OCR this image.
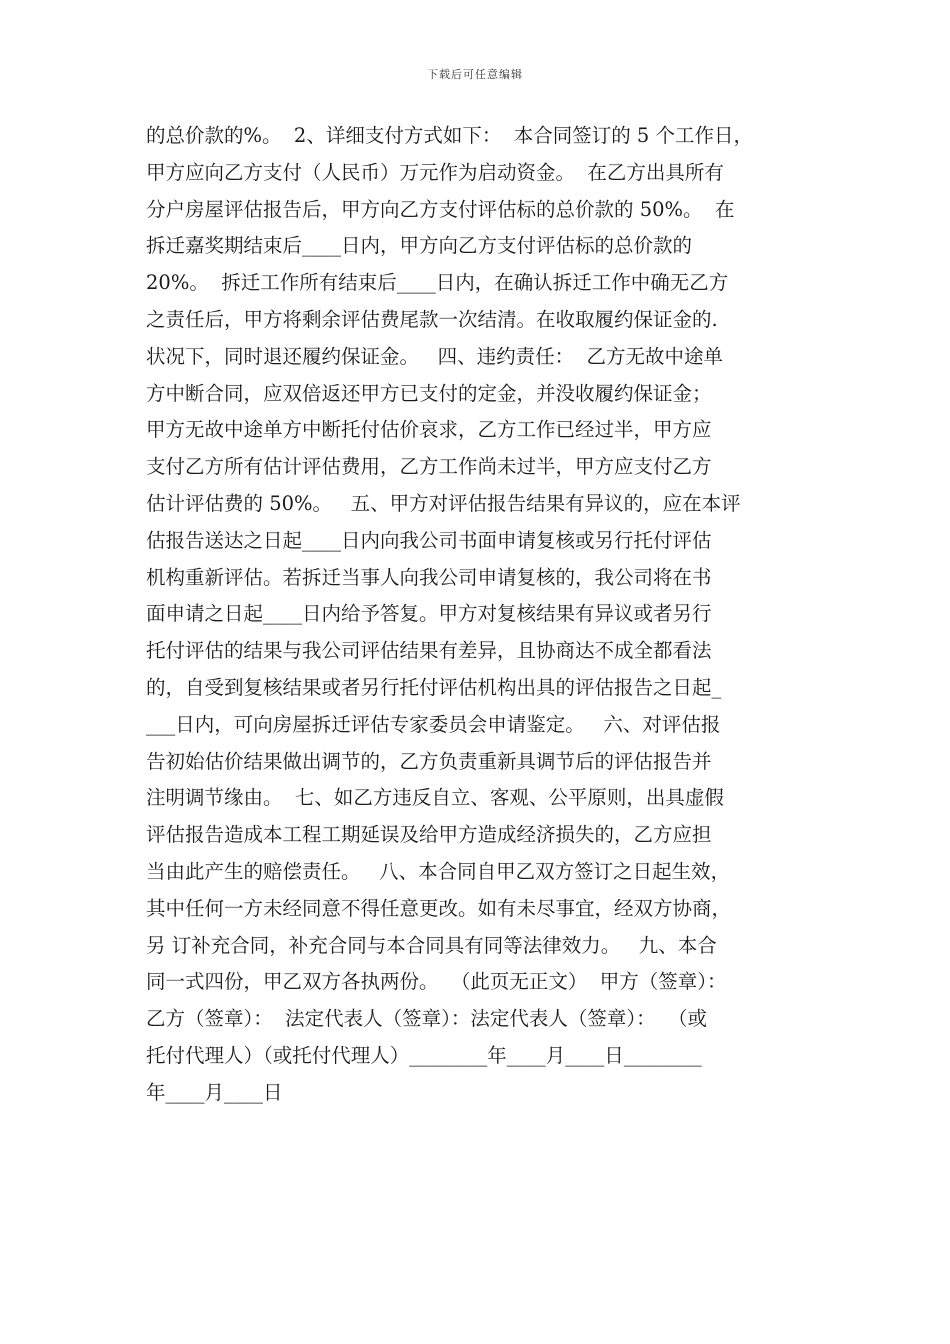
下载后可任意编辑
的总价款的%。  2、详细支付方式如下：  本合同签订的 5 个工作日，
甲方应向乙方支付（人民币）万元作为启动资金。  在乙方出具所有
分户房屋评估报告后，甲方向乙方支付评估标的总价款的 50%。  在
拆迁嘉奖期结束后____日内，甲方向乙方支付评估标的总价款的
20%。  拆迁工作所有结束后____日内，在确认拆迁工作中确无乙方
之责任后，甲方将剩余评估费尾款一次结清。在收取履约保证金的.
状况下，同时退还履约保证金。   四、违约责任：  乙方无故中途单
方中断合同，应双倍返还甲方已支付的定金，并没收履约保证金；
甲方无故中途单方中断托付估价哀求，乙方工作已经过半，甲方应
支付乙方所有估计评估费用，乙方工作尚未过半，甲方应支付乙方
估计评估费的 50%。   五、甲方对评估报告结果有异议的，应在本评
估报告送达之日起____日内向我公司书面申请复核或另行托付评估
机构重新评估。若拆迁当事人向我公司申请复核的，我公司将在书
面申请之日起____日内给予答复。甲方对复核结果有异议或者另行
托付评估的结果与我公司评估结果有差异，且协商达不成全都看法
的，自受到复核结果或者另行托付评估机构出具的评估报告之日起_
___日内，可向房屋拆迁评估专家委员会申请鉴定。   六、对评估报
告初始估价结果做出调节的，乙方负责重新具调节后的评估报告并
注明调节缘由。  七、如乙方违反自立、客观、公平原则，出具虚假
评估报告造成本工程工期延误及给甲方造成经济损失的，乙方应担
当由此产生的赔偿责任。   八、本合同自甲乙双方签订之日起生效，
其中任何一方未经同意不得任意更改。如有未尽事宜，经双方协商，
另 订补充合同，补充合同与本合同具有同等法律效力。   九、本合
同一式四份，甲乙双方各执两份。  （此页无正文）  甲方（签章）：
乙方（签章）：  法定代表人（签章）：法定代表人（签章）：  （或
托付代理人）（或托付代理人）________年____月____日________
年____月____日
